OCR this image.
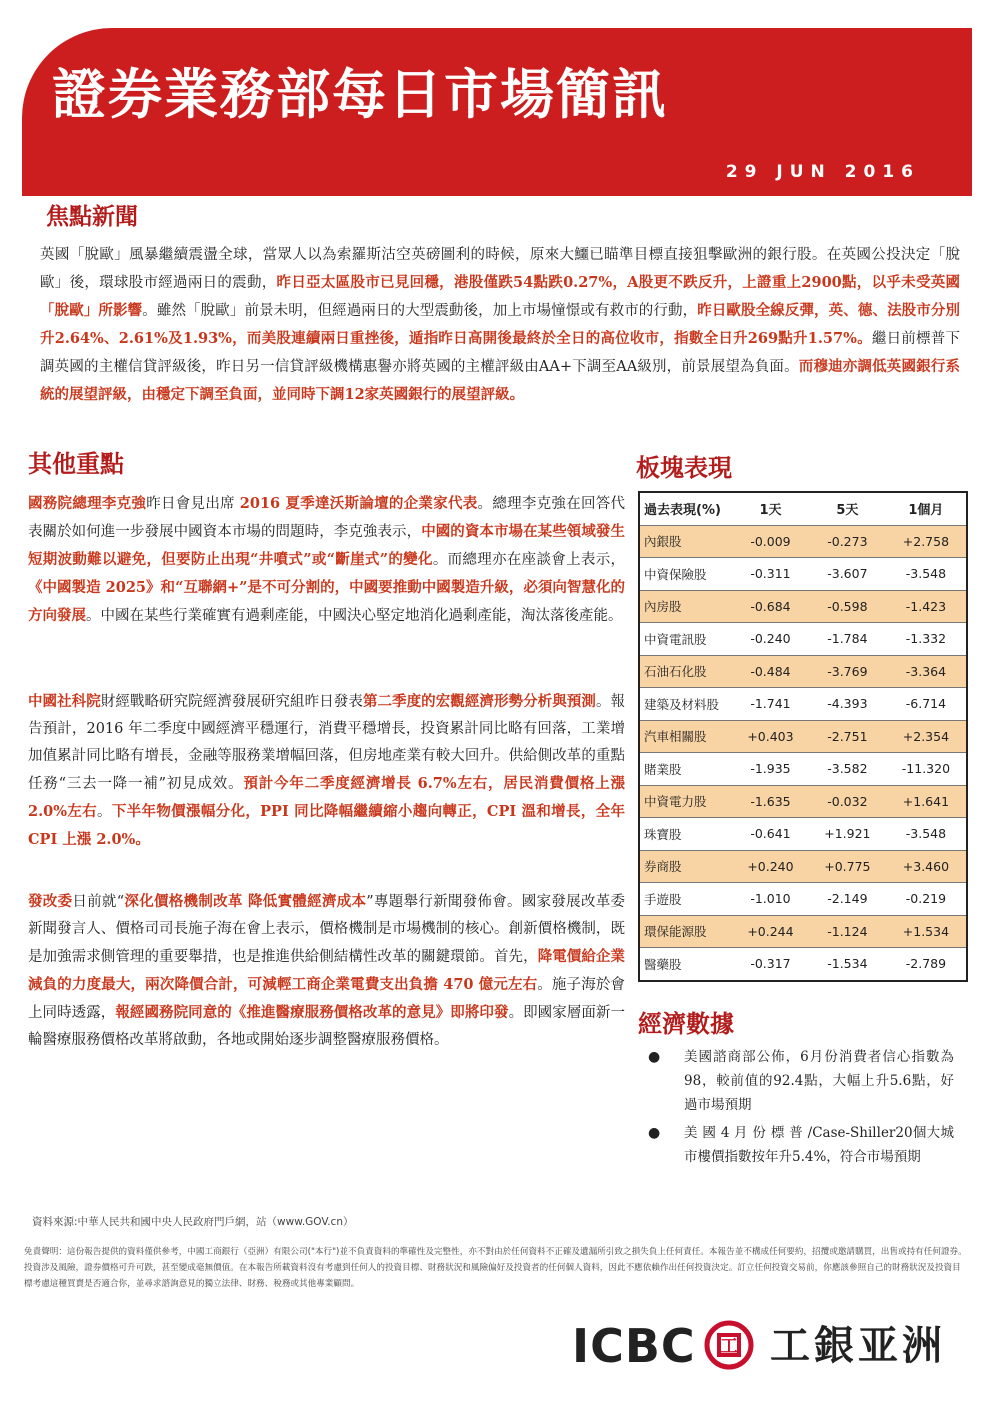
證券業務部每日市場簡訊
29 JUN 2016
焦點新聞

英國「脫歐」風暴繼續震盪全球，當眾人以為索羅斯沽空英磅圖利的時候，原來大鱷已瞄準目標直接狙擊歐洲的銀行股。在英國公投決定「脫歐」後，環球股市經過兩日的震動，昨日亞太區股市已見回穩，港股僅跌54點跌0.27%，A股更不跌反升，上證重上2900點，以乎未受英國「脫歐」所影響。雖然「脫歐」前景未明，但經過兩日的大型震動後，加上市場憧憬或有救市的行動，昨日歐股全線反彈，英、德、法股市分別升2.64%、2.61%及1.93%，而美股連續兩日重挫後，遁指昨日高開後最終於全日的高位收市，指數全日升269點升1.57%。繼日前標普下調英國的主權信貸評級後，昨日另一信貸評級機構惠譽亦將英國的主權評級由AA+下調至AA級別，前景展望為負面。而穆迪亦調低英國銀行系統的展望評級，由穩定下調至負面，並同時下調12家英國銀行的展望評級。

其他重點

國務院總理李克強昨日會見出席 2016 夏季達沃斯論壇的企業家代表。總理李克強在回答代表關於如何進一步發展中國資本市場的問題時，李克強表示，中國的資本市場在某些領域發生短期波動難以避免，但要防止出現“井噴式”或“斷崖式”的變化。而總理亦在座談會上表示，《中國製造 2025》和“互聯網+”是不可分割的，中國要推動中國製造升級，必須向智慧化的方向發展。中國在某些行業確實有過剩產能，中國決心堅定地消化過剩產能，淘汰落後產能。

中國社科院財經戰略研究院經濟發展研究組昨日發表第二季度的宏觀經濟形勢分析與預測。報告預計，2016 年二季度中國經濟平穩運行，消費平穩增長，投資累計同比略有回落，工業增加值累計同比略有增長，金融等服務業增幅回落，但房地產業有較大回升。供給側改革的重點任務“三去一降一補”初見成效。預計今年二季度經濟增長 6.7%左右，居民消費價格上漲 2.0%左右。下半年物價漲幅分化，PPI 同比降幅繼續縮小趨向轉正，CPI 溫和增長，全年 CPI 上漲 2.0%。

發改委日前就“深化價格機制改革 降低實體經濟成本”專題舉行新聞發佈會。國家發展改革委新聞發言人、價格司司長施子海在會上表示，價格機制是市場機制的核心。創新價格機制，既是加強需求側管理的重要舉措，也是推進供給側結構性改革的關鍵環節。首先，降電價給企業減負的力度最大，兩次降價合計，可減輕工商企業電費支出負擔 470 億元左右。施子海於會上同時透露，報經國務院同意的《推進醫療服務價格改革的意見》即將印發。即國家層面新一輪醫療服務價格改革將啟動，各地或開始逐步調整醫療服務價格。

板塊表現
過去表現(%)	1天	5天	1個月
內銀股	-0.009	-0.273	+2.758
中資保險股	-0.311	-3.607	-3.548
內房股	-0.684	-0.598	-1.423
中資電訊股	-0.240	-1.784	-1.332
石油石化股	-0.484	-3.769	-3.364
建築及材料股	-1.741	-4.393	-6.714
汽車相關股	+0.403	-2.751	+2.354
賭業股	-1.935	-3.582	-11.320
中資電力股	-1.635	-0.032	+1.641
珠寶股	-0.641	+1.921	-3.548
券商股	+0.240	+0.775	+3.460
手遊股	-1.010	-2.149	-0.219
環保能源股	+0.244	-1.124	+1.534
醫藥股	-0.317	-1.534	-2.789
經濟數據
● 美國諮商部公佈，6月份消費者信心指數為98，較前值的92.4點，大幅上升5.6點，好過市場預期
● 美 國 4 月 份 標 普 /Case-Shiller20個大城市樓價指數按年升5.4%，符合市場預期
資料來源:中華人民共和國中央人民政府門戶網，站（www.GOV.cn）

免責聲明：這份報告提供的資料僅供參考，中國工商銀行（亞洲）有限公司("本行")並不負責資料的準確性及完整性，亦不對由於任何資料不正確及遺漏所引致之損失負上任何責任。本報告並不構成任何要約，招攬或邀請購買，出售或持有任何證券。投資涉及風險，證券價格可升可跌，甚至變成毫無價值。在本報告所載資料沒有考慮到任何人的投資目標、財務狀況和風險偏好及投資者的任何個人資料，因此不應依賴作出任何投資決定。訂立任何投資交易前，你應該參照自己的財務狀況及投資目標考慮這種買賣是否適合你，並尋求諮詢意見的獨立法律、財務、稅務或其他專業顧問。

ICBC 工 工銀亚洲
